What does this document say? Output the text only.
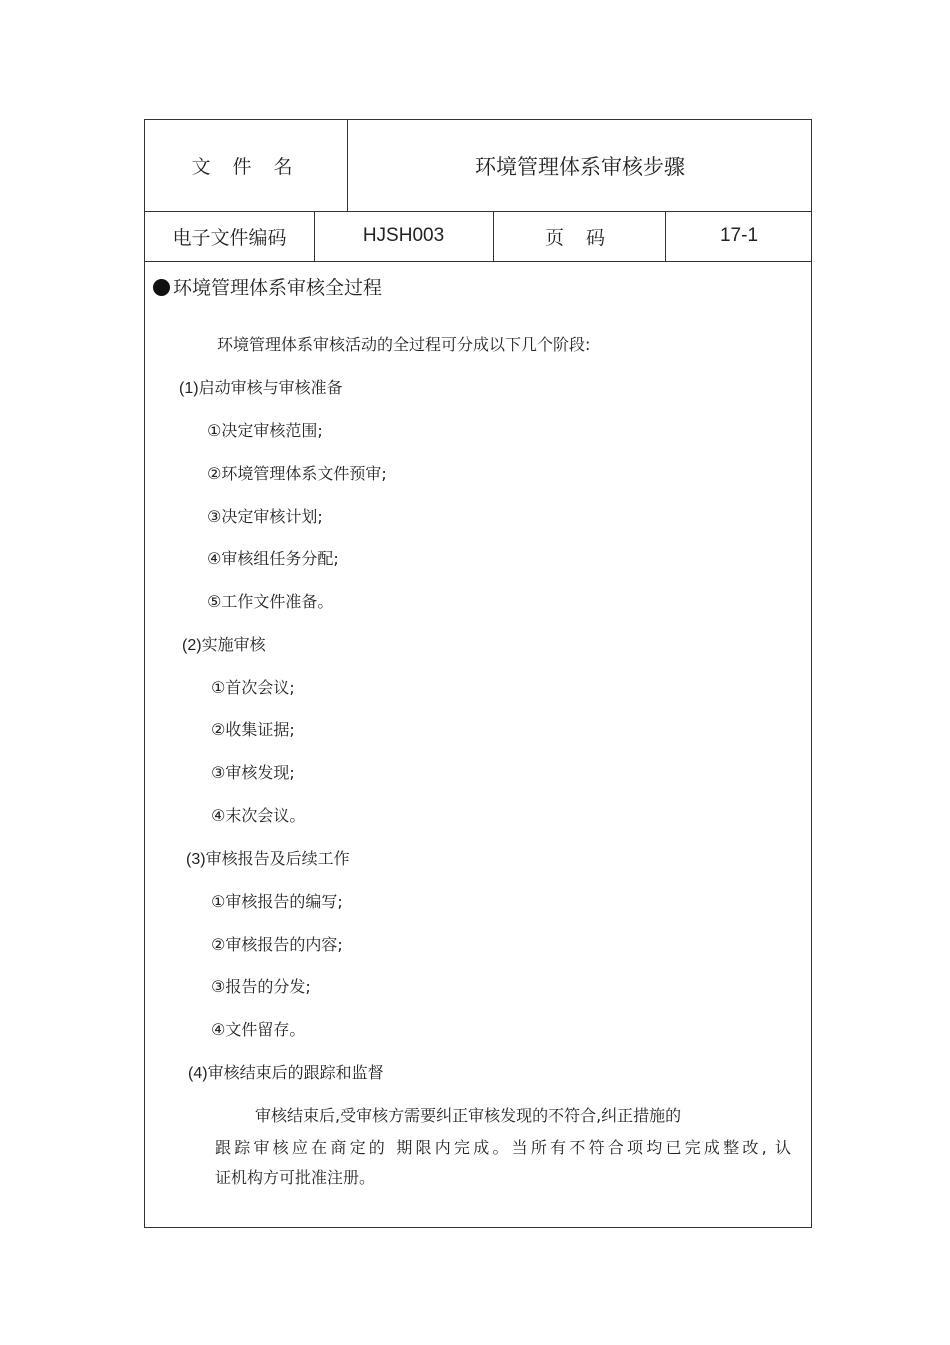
文 件 名	环境管理体系审核步骤
电子文件编码	HJSH003	页 码	17-1
环境管理体系审核全过程
环境管理体系审核活动的全过程可分成以下几个阶段:
(1)启动审核与审核准备
①决定审核范围;
②环境管理体系文件预审;
③决定审核计划;
④审核组任务分配;
⑤工作文件准备。
(2)实施审核
①首次会议;
②收集证据;
③审核发现;
④末次会议。
(3)审核报告及后续工作
①审核报告的编写;
②审核报告的内容;
③报告的分发;
④文件留存。
(4)审核结束后的跟踪和监督
审核结束后,受审核方需要纠正审核发现的不符合,纠正措施的
跟踪审核应在商定的 期限内完成。当所有不符合项均已完成整改, 认
证机构方可批准注册。
